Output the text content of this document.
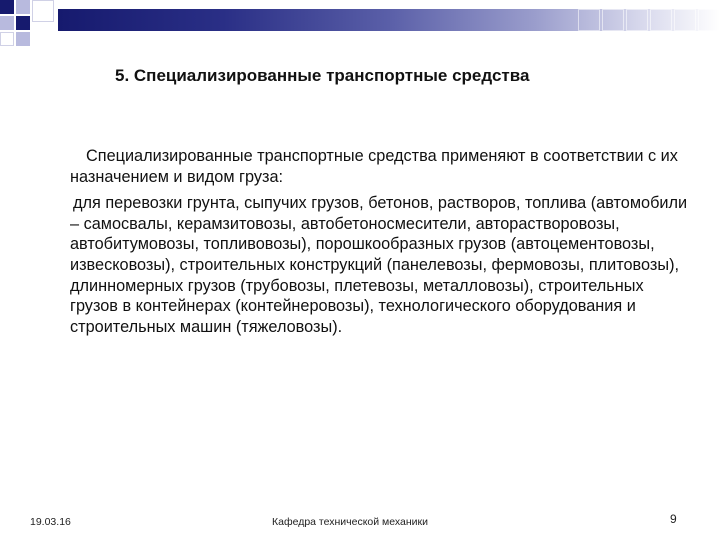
5. Специализированные транспортные средства

Специализированные транспортные средства применяют в соответствии с их назначением и видом груза:

для перевозки грунта, сыпучих грузов, бетонов, растворов, топлива (автомобили – самосвалы, керамзитовозы, автобетоносмесители, авторастворовозы, автобитумовозы, топливовозы), порошкообразных грузов (автоцементовозы, извесковозы), строительных конструкций (панелевозы, фермовозы, плитовозы), длинномерных грузов (трубовозы, плетевозы, металловозы), строительных грузов в контейнерах (контейнеровозы), технологического оборудования и строительных машин (тяжеловозы).

19.03.16	Кафедра технической механики	9
